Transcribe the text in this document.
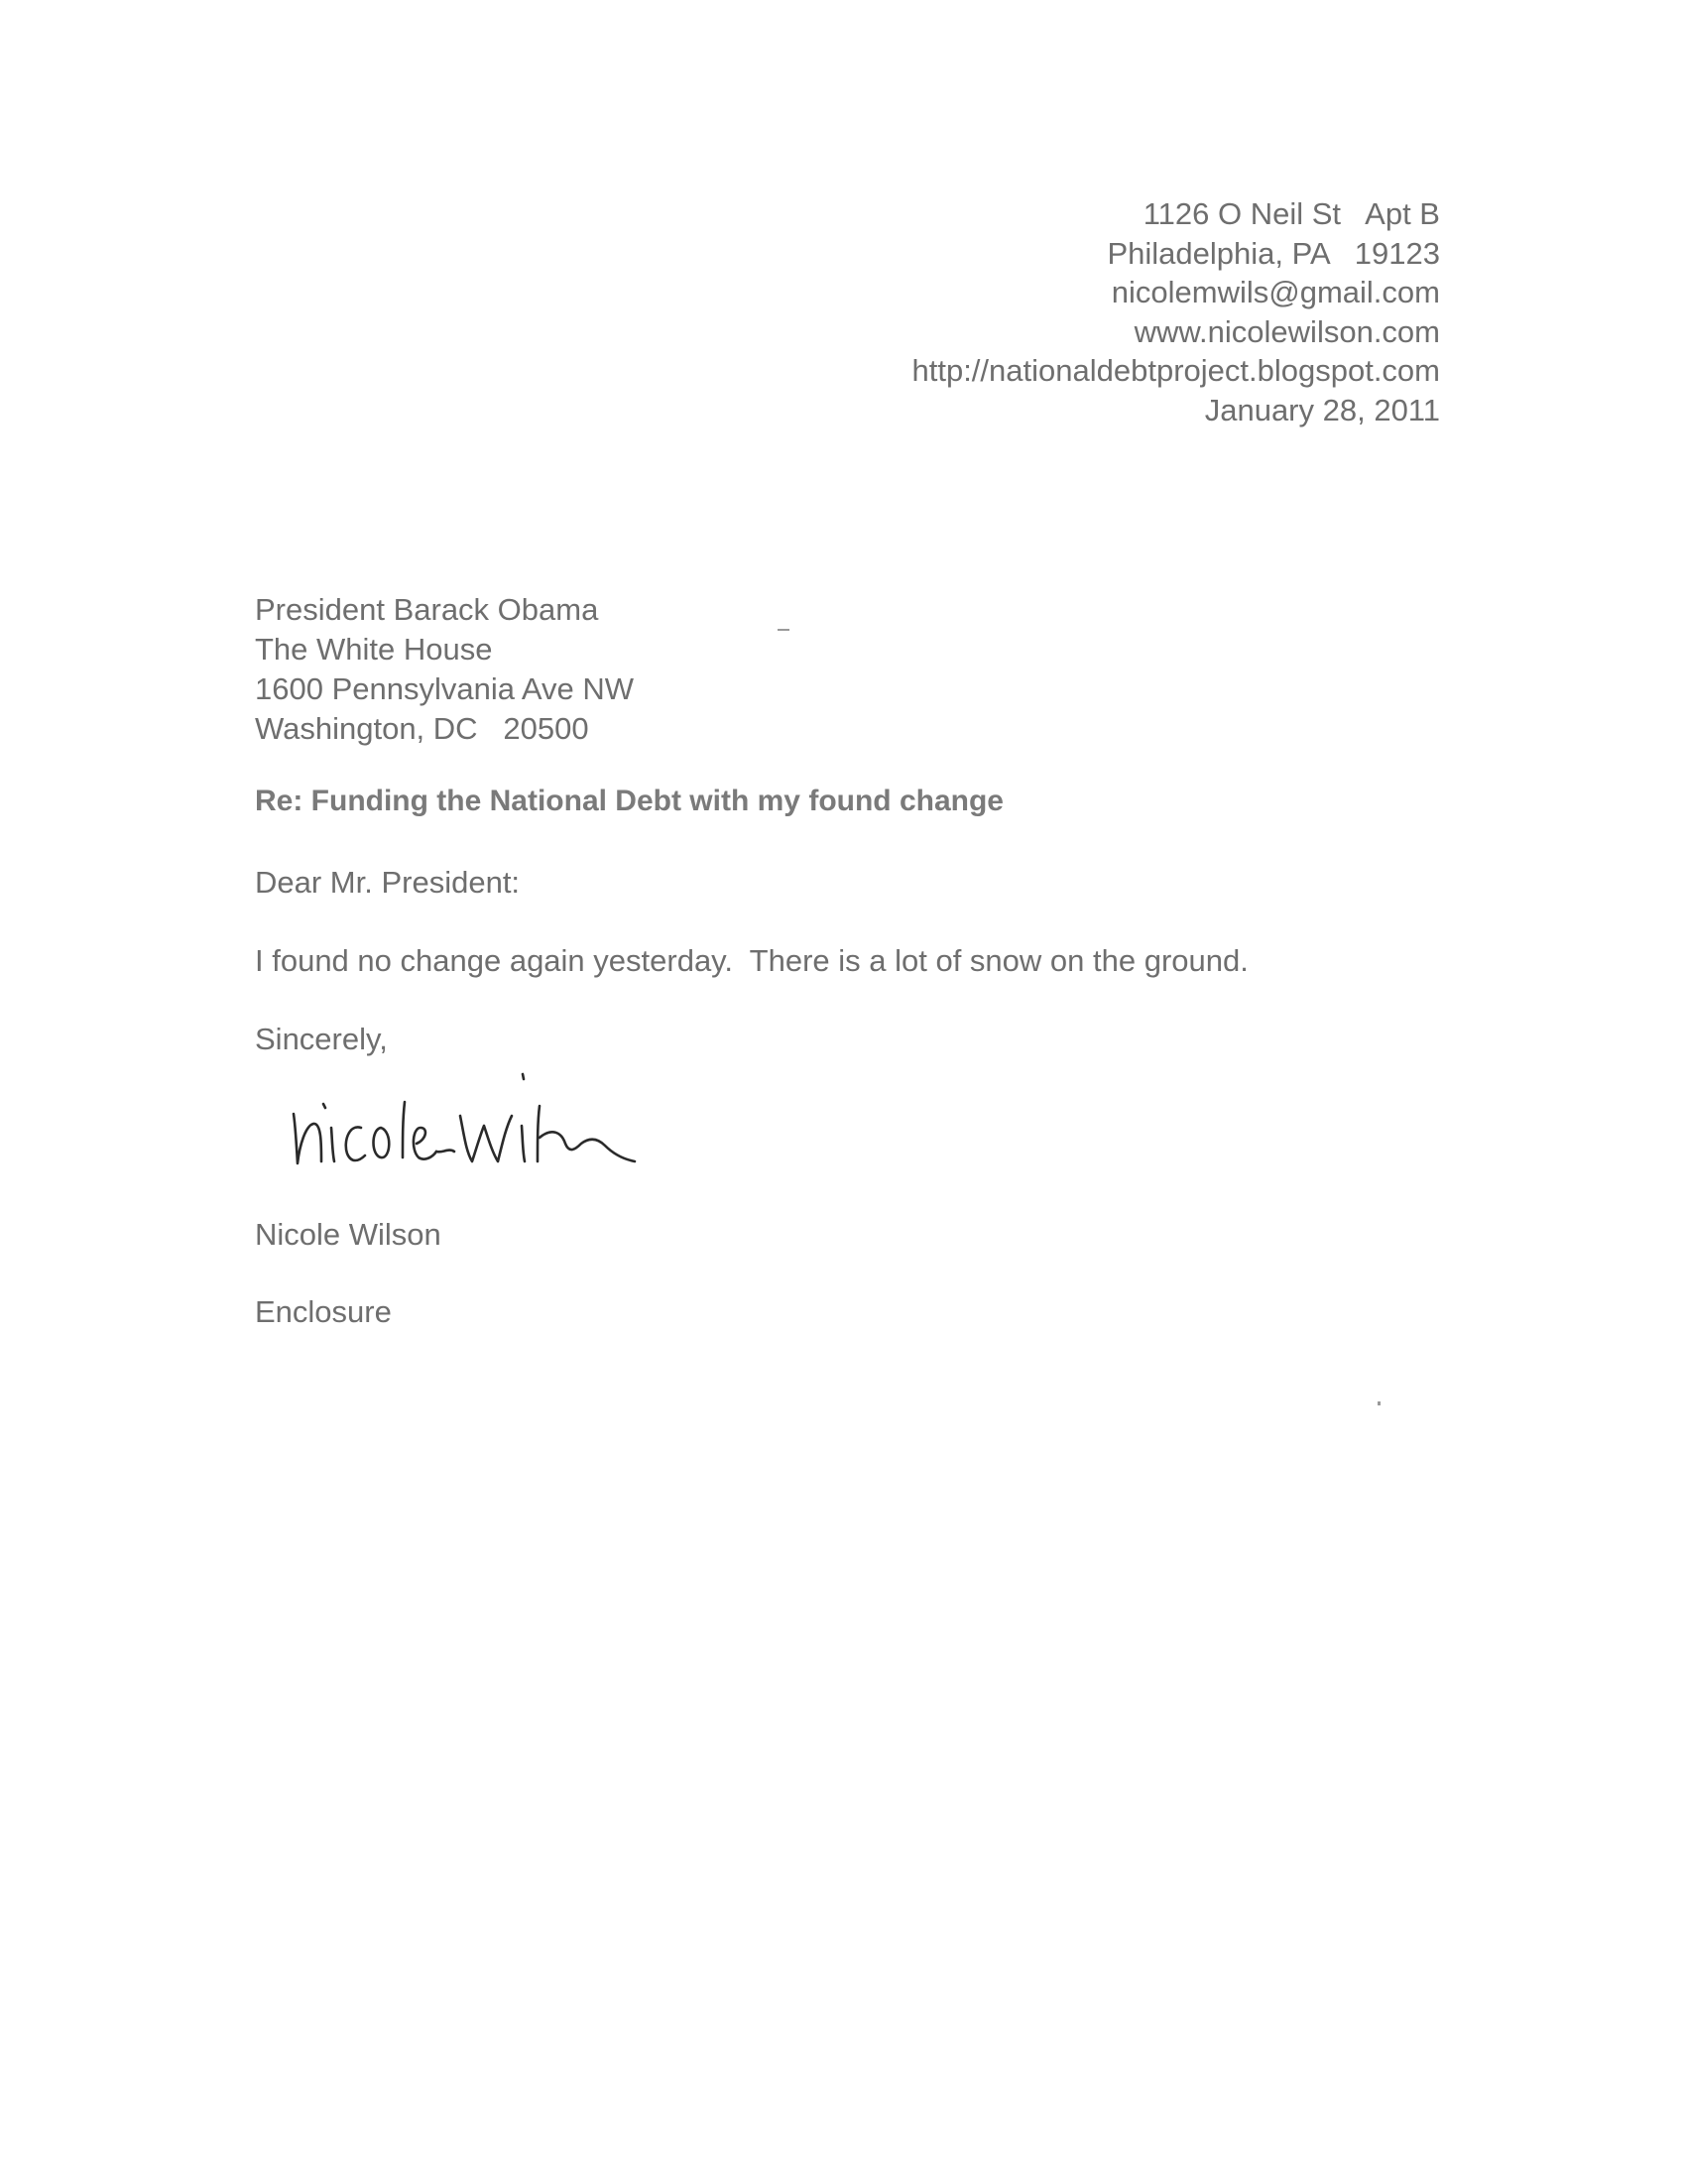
1126 O Neil St   Apt B
Philadelphia, PA   19123
nicolemwils@gmail.com
www.nicolewilson.com
http://nationaldebtproject.blogspot.com
January 28, 2011
President Barack Obama
The White House
1600 Pennsylvania Ave NW
Washington, DC   20500
Re: Funding the National Debt with my found change
Dear Mr. President:
I found no change again yesterday.  There is a lot of snow on the ground.
Sincerely,
Nicole Wilson
Enclosure
